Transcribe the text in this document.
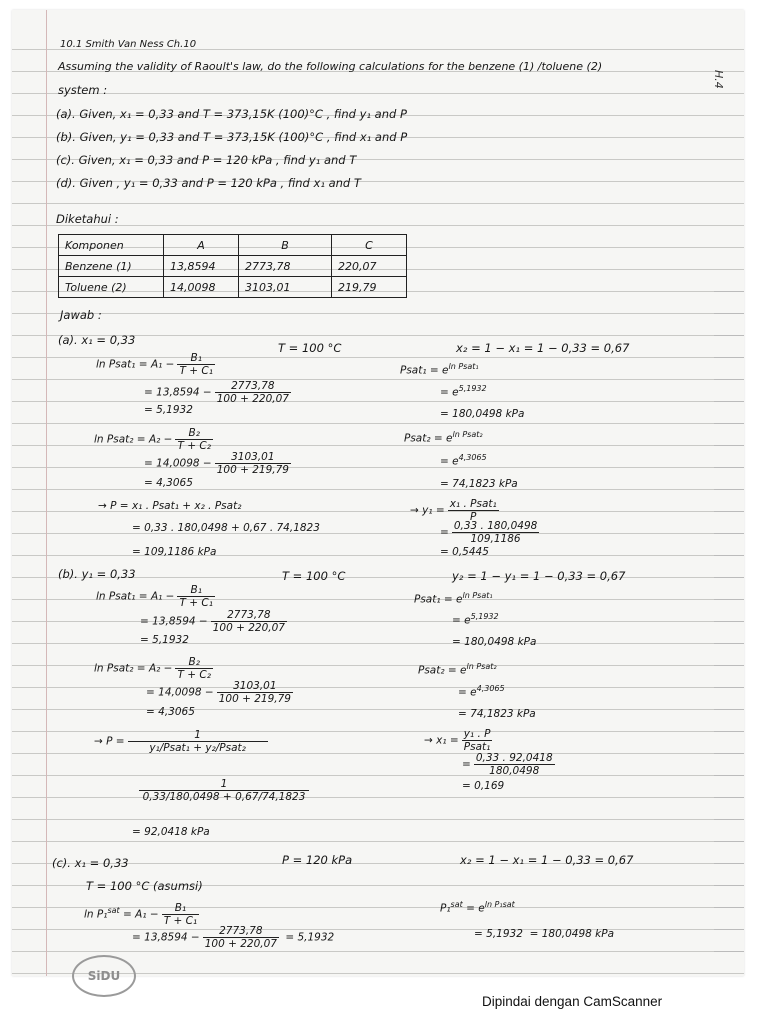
H.4
10.1 Smith Van Ness Ch.10
Assuming the validity of Raoult's law, do the following calculations for the benzene (1) /toluene (2)
system :
(a). Given, x₁ = 0,33 and T = 373,15K (100)°C , find y₁ and P
(b). Given, y₁ = 0,33 and T = 373,15K (100)°C , find x₁ and P
(c). Given, x₁ = 0,33 and P = 120 kPa , find y₁ and T
(d). Given , y₁ = 0,33 and P = 120 kPa , find x₁ and T
Diketahui :
Komponen	A	B	C
Benzene (1)	13,8594	2773,78	220,07
Toluene (2)	14,0098	3103,01	219,79
Jawab :
(a). x₁ = 0,33
T = 100 °C	x₂ = 1 − x₁ = 1 − 0,33 = 0,67
ln Psat₁ = $A_1 - \frac{\text{B₁}}{\text{T + C₁}}$
= $13,8594 - \frac{2773,78}{100 + 220,07}$
= 5,1932
Psat₁ = $e^{ln Psat_1}$
= $e^{5,1932}$
= 180,0498 kPa
ln Psat₂ = $A_2 - \frac{\text{B₂}}{\text{T + C₂}}$
= $14,0098 - \frac{3103,01}{100 + 219,79}$
= 4,3065
Psat₂ = $e^{ln Psat_2}$
= $e^{4,3065}$
= 74,1823 kPa
→ P = x₁ . Psat₁ + x₂ . Psat₂
= 0,33 . 180,0498 + 0,67 . 74,1823
= 109,1186 kPa
→ $y_1 = \frac{\text{x₁ . Psat₁}}{P}$
= $\frac{0,33 . 180,0498}{109,1186}$
= 0,5445
(b). y₁ = 0,33	T = 100 °C	y₂ = 1 − y₁ = 1 − 0,33 = 0,67
ln Psat₁ = $A_1 - \frac{\text{B₁}}{\text{T + C₁}}$
= $13,8594 - \frac{2773,78}{100 + 220,07}$
= 5,1932
Psat₁ = $e^{ln Psat_1}$
= $e^{5,1932}$
= 180,0498 kPa
ln Psat₂ = $A_2 - \frac{\text{B₂}}{\text{T + C₂}}$
= $14,0098 - \frac{3103,01}{100 + 219,79}$
= 4,3065
Psat₂ = $e^{ln Psat_2}$
= $e^{4,3065}$
= 74,1823 kPa
→ $P = \frac{1}{\text{y₁/Psat₁ + y₂/Psat₂}}$
$\frac{1}{0,33/180,0498 + 0,67/74,1823}$
= 92,0418 kPa
→ $x_1 = \frac{\text{y₁ . P}}{\text{Psat₁}}$
= $\frac{0,33 . 92,0418}{180,0498}$
= 0,169
(c). x₁ = 0,33	P = 120 kPa	x₂ = 1 − x₁ = 1 − 0,33 = 0,67
T = 100 °C (asumsi)
$\ln P_1^{sat} = A_1 - \frac{\text{B₁}}{\text{T + C₁}}$
= $13,8594 - \frac{2773,78}{100 + 220,07} = 5,1932$
$P_1^{sat} = e^{ln P_1sat}$
= 5,1932 = 180,0498 kPa
SiDU
Dipindai dengan CamScanner
